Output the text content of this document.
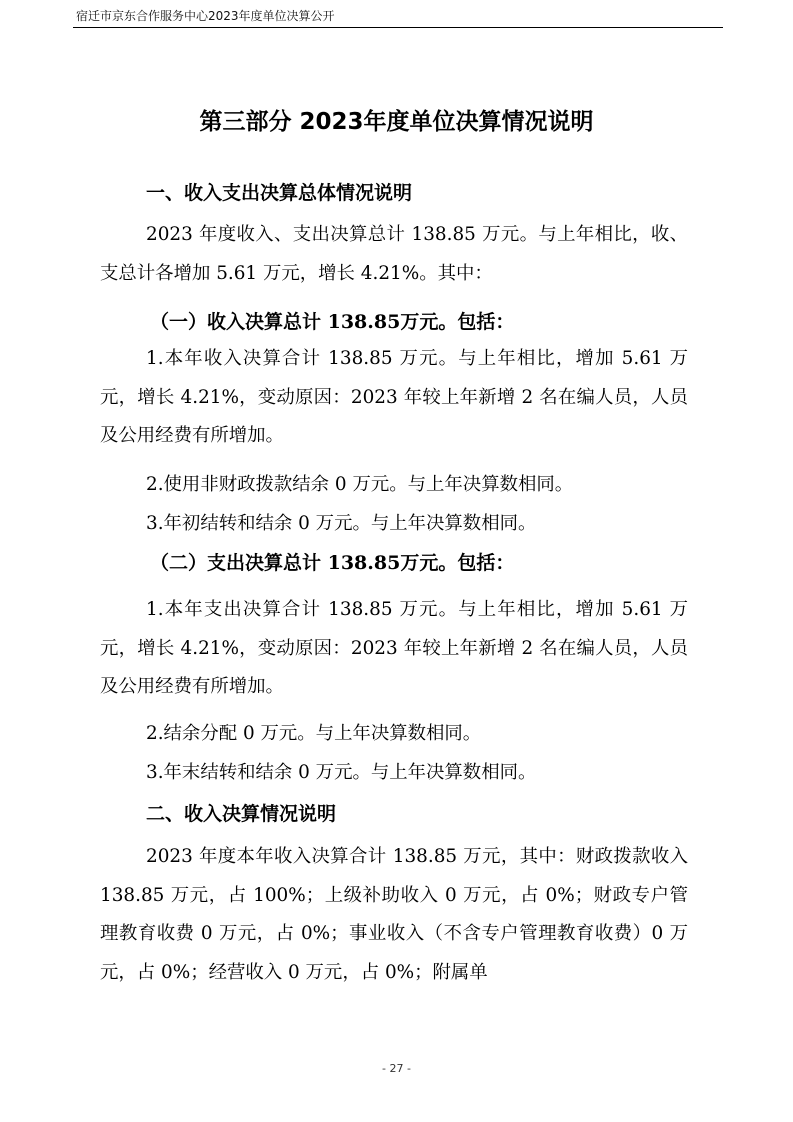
宿迁市京东合作服务中心2023年度单位决算公开
第三部分 2023年度单位决算情况说明
一、收入支出决算总体情况说明
2023 年度收入、支出决算总计 138.85 万元。与上年相比，收、支总计各增加 5.61 万元，增长 4.21%。其中：
（一）收入决算总计 138.85万元。包括：
1.本年收入决算合计 138.85 万元。与上年相比，增加 5.61 万元，增长 4.21%，变动原因：2023 年较上年新增 2 名在编人员，人员及公用经费有所增加。
2.使用非财政拨款结余 0 万元。与上年决算数相同。
3.年初结转和结余 0 万元。与上年决算数相同。
（二）支出决算总计 138.85万元。包括：
1.本年支出决算合计 138.85 万元。与上年相比，增加 5.61 万元，增长 4.21%，变动原因：2023 年较上年新增 2 名在编人员，人员及公用经费有所增加。
2.结余分配 0 万元。与上年决算数相同。
3.年末结转和结余 0 万元。与上年决算数相同。
二、收入决算情况说明
2023 年度本年收入决算合计 138.85 万元，其中：财政拨款收入 138.85 万元，占 100%；上级补助收入 0 万元，占 0%；财政专户管理教育收费 0 万元，占 0%；事业收入（不含专户管理教育收费）0 万元，占 0%；经营收入 0 万元，占 0%；附属单
- 27 -
